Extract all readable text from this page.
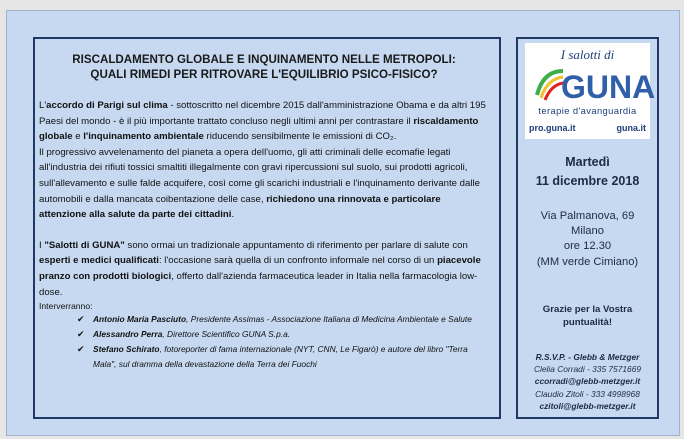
RISCALDAMENTO GLOBALE E INQUINAMENTO NELLE METROPOLI:
QUALI RIMEDI PER RITROVARE L'EQUILIBRIO PSICO-FISICO?

L'accordo di Parigi sul clima - sottoscritto nel dicembre 2015 dall'amministrazione Obama e da altri 195 Paesi del mondo - è il più importante trattato concluso negli ultimi anni per contrastare il riscaldamento globale e l'inquinamento ambientale riducendo sensibilmente le emissioni di CO₂.

Il progressivo avvelenamento del pianeta a opera dell'uomo, gli atti criminali delle ecomafie legati all'industria dei rifiuti tossici smaltiti illegalmente con gravi ripercussioni sul suolo, sui prodotti agricoli, sull'allevamento e sulle falde acquifere, così come gli scarichi industriali e l'inquinamento derivante dalle automobili e dalla mancata coibentazione delle case, richiedono una rinnovata e particolare attenzione alla salute da parte dei cittadini.

I "Salotti di GUNA" sono ormai un tradizionale appuntamento di riferimento per parlare di salute con esperti e medici qualificati: l'occasione sarà quella di un confronto informale nel corso di un piacevole pranzo con prodotti biologici, offerto dall'azienda farmaceutica leader in Italia nella farmacologia low-dose.

Interverranno:
✔ Antonio Maria Pasciuto, Presidente Assimas - Associazione Italiana di Medicina Ambientale e Salute
✔ Alessandro Perra, Direttore Scientifico GUNA S.p.a.
✔ Stefano Schirato, fotoreporter di fama internazionale (NYT, CNN, Le Figarò) e autore del libro "Terra Mala", sul dramma della devastazione della Terra dei Fuochi
I salotti di
GUNA
terapie d'avanguardia
pro.guna.it	guna.it
Martedì
11 dicembre 2018
Via Palmanova, 69
Milano
ore 12.30
(MM verde Cimiano)
Grazie per la Vostra
puntualità!
R.S.V.P. - Glebb & Metzger
Clelia Corradi - 335 7571669
ccorradi@glebb-metzger.it
Claudio Zitoli - 333 4998968
czitoli@glebb-metzger.it
